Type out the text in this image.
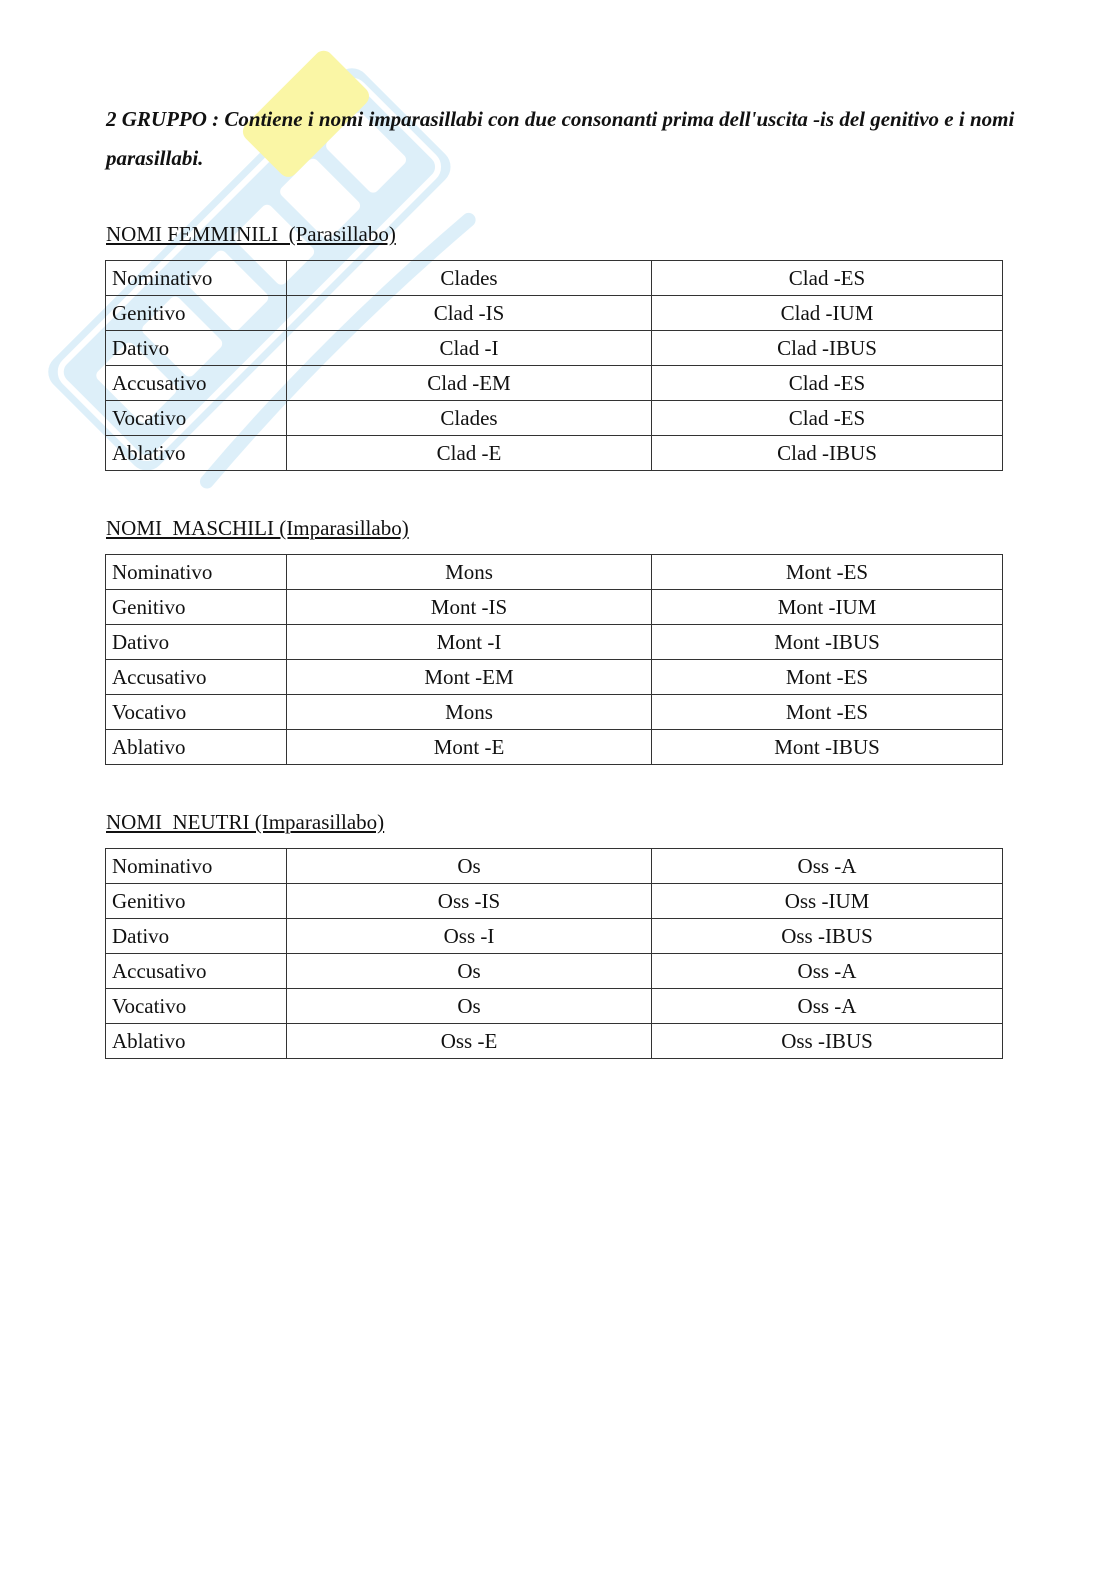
2 GRUPPO : Contiene i nomi imparasillabi con due consonanti prima dell'uscita -is del genitivo e i nomi parasillabi.

NOMI FEMMINILI  (Parasillabo)

Nominativo	Clades	Clad -ES
Genitivo	Clad -IS	Clad -IUM
Dativo	Clad -I	Clad -IBUS
Accusativo	Clad -EM	Clad -ES
Vocativo	Clades	Clad -ES
Ablativo	Clad -E	Clad -IBUS

NOMI  MASCHILI (Imparasillabo)

Nominativo	Mons	Mont -ES
Genitivo	Mont -IS	Mont -IUM
Dativo	Mont -I	Mont -IBUS
Accusativo	Mont -EM	Mont -ES
Vocativo	Mons	Mont -ES
Ablativo	Mont -E	Mont -IBUS

NOMI  NEUTRI (Imparasillabo)

Nominativo	Os	Oss -A
Genitivo	Oss -IS	Oss -IUM
Dativo	Oss -I	Oss -IBUS
Accusativo	Os	Oss -A
Vocativo	Os	Oss -A
Ablativo	Oss -E	Oss -IBUS
